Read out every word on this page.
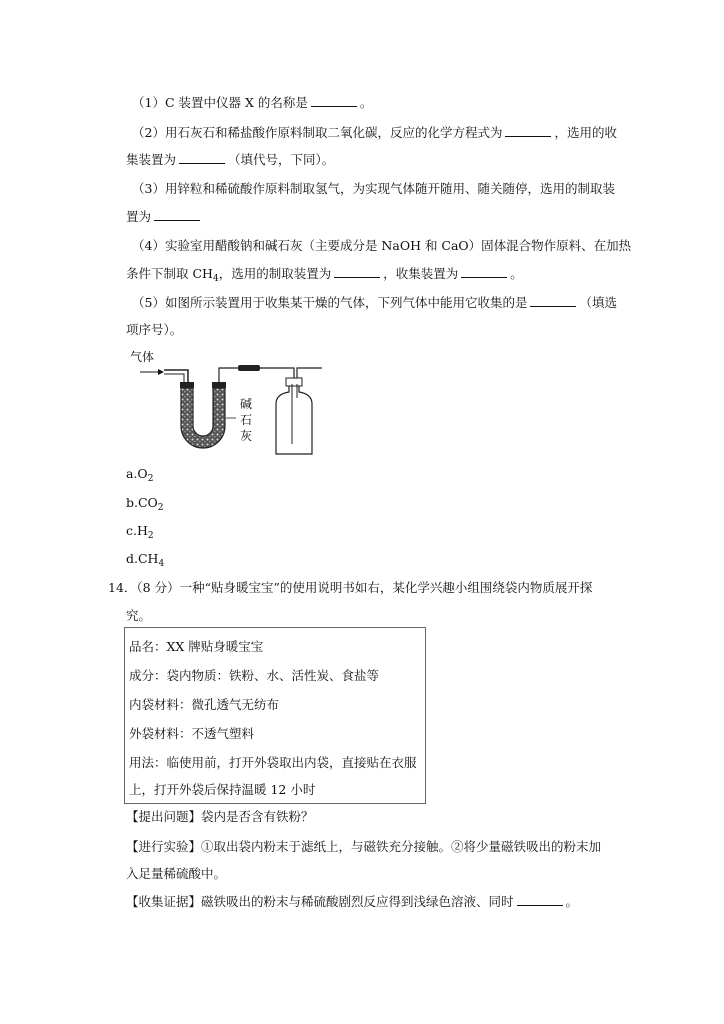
（1）C 装置中仪器 X 的名称是	。
（2）用石灰石和稀盐酸作原料制取二氧化碳，反应的化学方程式为	，选用的收
集装置为	（填代号，下同）。
（3）用锌粒和稀硫酸作原料制取氢气，为实现气体随开随用、随关随停，选用的制取装
置为
（4）实验室用醋酸钠和碱石灰（主要成分是 NaOH 和 CaO）固体混合物作原料、在加热
条件下制取 $CH_4$，选用的制取装置为	，收集装置为	。
（5）如图所示装置用于收集某干燥的气体，下列气体中能用它收集的是	（填选
项序号）。
气体
碱
石
灰
$a.O_2$
$b.CO_2$
$c.H_2$
$d.CH_4$
14．（8 分）一种“贴身暖宝宝”的使用说明书如右，某化学兴趣小组围绕袋内物质展开探
究。
品名：XX 牌贴身暖宝宝
成分：袋内物质：铁粉、水、活性炭、食盐等
内袋材料：微孔透气无纺布
外袋材料：不透气塑料
用法：临使用前，打开外袋取出内袋，直接贴在衣服
上，打开外袋后保持温暖 12 小时
【提出问题】袋内是否含有铁粉？
【进行实验】①取出袋内粉末于滤纸上，与磁铁充分接触。②将少量磁铁吸出的粉末加
入足量稀硫酸中。
【收集证据】磁铁吸出的粉末与稀硫酸剧烈反应得到浅绿色溶液、同时	。
